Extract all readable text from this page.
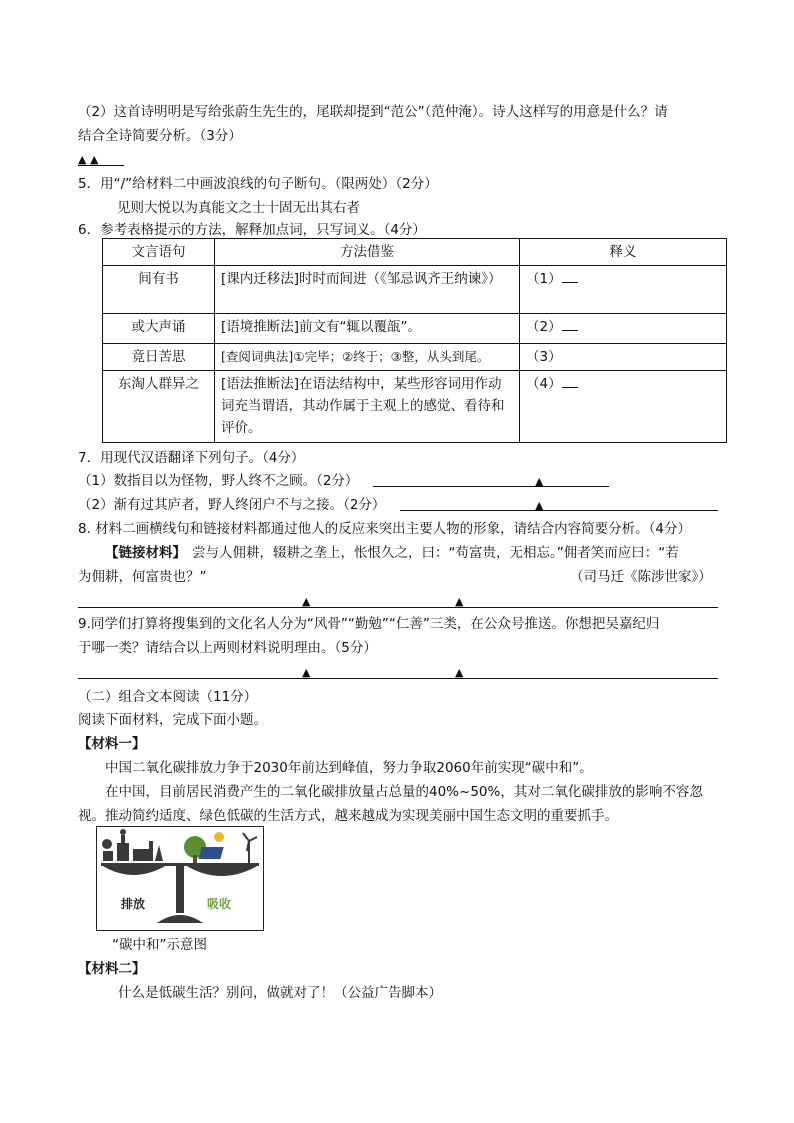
（2）这首诗明明是写给张蔚生先生的，尾联却提到“范公”（范仲淹）。诗人这样写的用意是什么？请
结合全诗简要分析。（3分）
▲ ▲
5．用“/”给材料二中画波浪线的句子断句。（限两处）（2分）
见则大悦以为真能文之士十固无出其右者
6．参考表格提示的方法，解释加点词，只写词义。（4分）
文言语句	方法借鉴	释义
间有书	[课内迁移法]时时而间进（《邹忌讽齐王纳谏》）	（1）
或大声诵	[语境推断法]前文有“辄以覆瓿”。	（2）
竟日苦思	[查阅词典法]①完毕；②终于；③整，从头到尾。	（3）
东淘人群异之	[语法推断法]在语法结构中，某些形容词用作动词充当谓语，其动作属于主观上的感觉、看待和评价。	（4）
7．用现代汉语翻译下列句子。（4分）
（1）数指目以为怪物，野人终不之顾。（2分）	▲
（2）渐有过其庐者，野人终闭户不与之接。（2分）	▲
8. 材料二画横线句和链接材料都通过他人的反应来突出主要人物的形象，请结合内容简要分析。（4分）
【链接材料】 尝与人佣耕，辍耕之垄上，怅恨久之，曰：“苟富贵，无相忘。”佣者笑而应曰：“若
为佣耕，何富贵也？”	（司马迁《陈涉世家》）
▲	▲
9.同学们打算将搜集到的文化名人分为“风骨”“勤勉”“仁善”三类，在公众号推送。你想把吴嘉纪归
于哪一类？请结合以上两则材料说明理由。（5分）
▲	▲
（二）组合文本阅读（11分）
阅读下面材料，完成下面小题。
【材料一】
中国二氧化碳排放力争于2030年前达到峰值，努力争取2060年前实现“碳中和”。
在中国，目前居民消费产生的二氧化碳排放量占总量的40%~50%，其对二氧化碳排放的影响不容忽
视。推动简约适度、绿色低碳的生活方式，越来越成为实现美丽中国生态文明的重要抓手。
排放	吸收
“碳中和”示意图
【材料二】
什么是低碳生活？别问，做就对了！（公益广告脚本）
